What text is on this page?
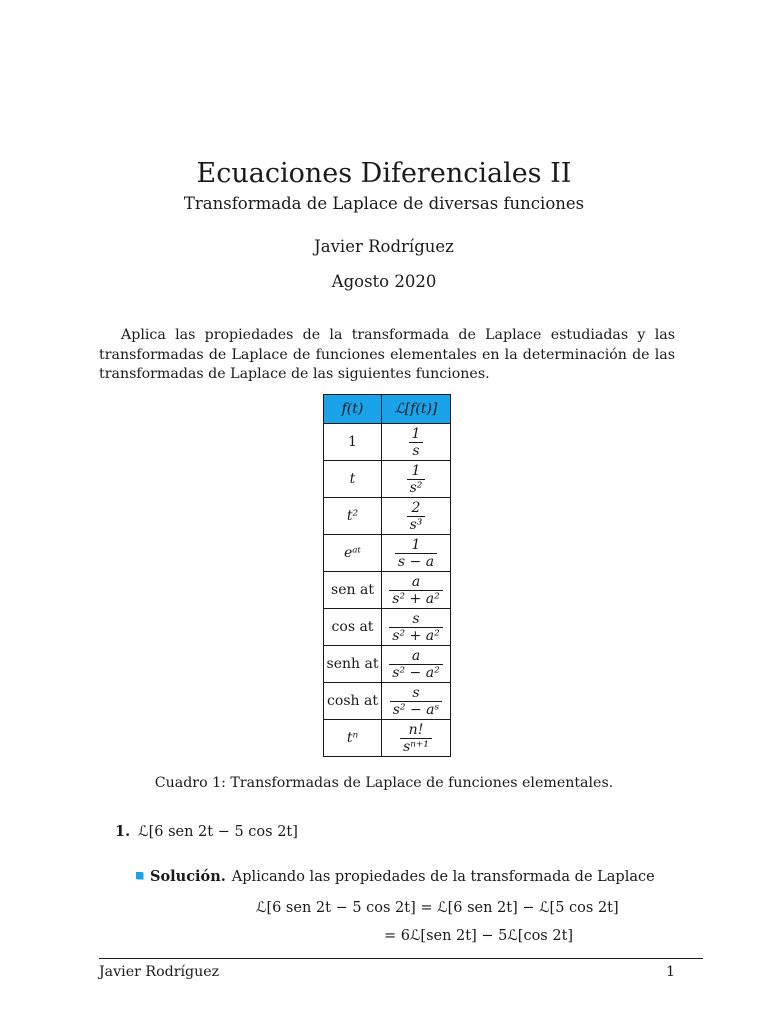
Ecuaciones Diferenciales II
Transformada de Laplace de diversas funciones
Javier Rodríguez
Agosto 2020

Aplica las propiedades de la transformada de Laplace estudiadas y las transformadas de Laplace de funciones elementales en la determinación de las transformadas de Laplace de las siguientes funciones.

f(t)	ℒ[f(t)]
1	$\frac{1}{s}$

t	$\frac{1}{\text{s²}}$

t²	$\frac{2}{\text{s³}}$

eᵃᵗ	$\frac{1}{s - a}$

sen at	$\frac{a}{\text{s² + a²}}$

cos at	$\frac{s}{\text{s² + a²}}$

senh at	$\frac{a}{\text{s² − a²}}$

cosh at	$\frac{s}{\text{s² − aˢ}}$

tⁿ	$\frac{n!}{\text{sⁿ⁺¹}}$
Cuadro 1: Transformadas de Laplace de funciones elementales.
1. ℒ[6 sen 2t − 5 cos 2t]
Solución. Aplicando las propiedades de la transformada de Laplace
ℒ[6 sen 2t − 5 cos 2t] = ℒ[6 sen 2t] − ℒ[5 cos 2t]
= 6ℒ[sen 2t] − 5ℒ[cos 2t]
Javier Rodríguez	1
